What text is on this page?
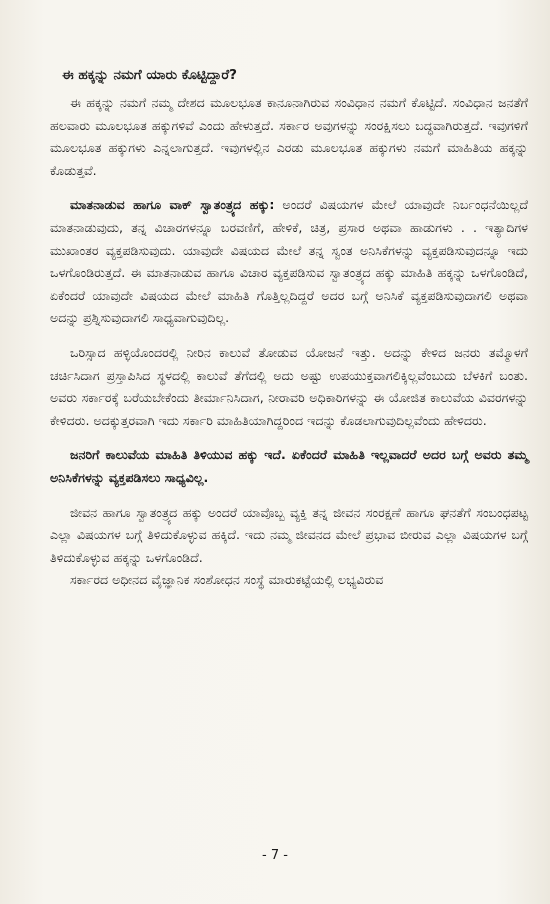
ಈ ಹಕ್ಕನ್ನು ನಮಗೆ ಯಾರು ಕೊಟ್ಟಿದ್ದಾರೆ?

ಈ ಹಕ್ಕನ್ನು ನಮಗೆ ನಮ್ಮ ದೇಶದ ಮೂಲಭೂತ ಕಾನೂನಾಗಿರುವ ಸಂವಿಧಾನ ನಮಗೆ ಕೊಟ್ಟಿದೆ. ಸಂವಿಧಾನ ಜನತೆಗೆ ಹಲವಾರು ಮೂಲಭೂತ ಹಕ್ಕುಗಳಿವೆ ಎಂದು ಹೇಳುತ್ತದೆ. ಸರ್ಕಾರ ಅವುಗಳನ್ನು ಸಂರಕ್ಷಿಸಲು ಬದ್ಧವಾಗಿರುತ್ತದೆ. ಇವುಗಳಿಗೆ ಮೂಲಭೂತ ಹಕ್ಕುಗಳು ಎನ್ನಲಾಗುತ್ತದೆ. ಇವುಗಳಲ್ಲಿನ ಎರಡು ಮೂಲಭೂತ ಹಕ್ಕುಗಳು ನಮಗೆ ಮಾಹಿತಿಯ ಹಕ್ಕನ್ನು ಕೊಡುತ್ತವೆ.

ಮಾತನಾಡುವ ಹಾಗೂ ವಾಕ್ ಸ್ವಾತಂತ್ರ್ಯದ ಹಕ್ಕು: ಅಂದರೆ ವಿಷಯಗಳ ಮೇಲೆ ಯಾವುದೇ ನಿರ್ಬಂಧನೆಯಿಲ್ಲದೆ ಮಾತನಾಡುವುದು, ತನ್ನ ವಿಚಾರಗಳನ್ನೂ ಬರವಣಿಗೆ, ಹೇಳಿಕೆ, ಚಿತ್ರ, ಪ್ರಸಾರ ಅಥವಾ ಹಾಡುಗಳು . . ಇತ್ಯಾದಿಗಳ ಮುಖಾಂತರ ವ್ಯಕ್ತಪಡಿಸುವುದು. ಯಾವುದೇ ವಿಷಯದ ಮೇಲೆ ತನ್ನ ಸ್ವಂತ ಅನಿಸಿಕೆಗಳನ್ನು ವ್ಯಕ್ತಪಡಿಸುವುದನ್ನೂ ಇದು ಒಳಗೊಂಡಿರುತ್ತದೆ. ಈ ಮಾತನಾಡುವ ಹಾಗೂ ವಿಚಾರ ವ್ಯಕ್ತಪಡಿಸುವ ಸ್ವಾತಂತ್ರ್ಯದ ಹಕ್ಕು ಮಾಹಿತಿ ಹಕ್ಕನ್ನು ಒಳಗೊಂಡಿದೆ, ಏಕೆಂದರೆ ಯಾವುದೇ ವಿಷಯದ ಮೇಲೆ ಮಾಹಿತಿ ಗೊತ್ತಿಲ್ಲದಿದ್ದರೆ ಅದರ ಬಗ್ಗೆ ಅನಿಸಿಕೆ ವ್ಯಕ್ತಪಡಿಸುವುದಾಗಲಿ ಅಥವಾ ಅದನ್ನು ಪ್ರಶ್ನಿಸುವುದಾಗಲಿ ಸಾಧ್ಯವಾಗುವುದಿಲ್ಲ.

ಒರಿಸ್ಸಾದ ಹಳ್ಳಿಯೊಂದರಲ್ಲಿ ನೀರಿನ ಕಾಲುವೆ ತೋಡುವ ಯೋಜನೆ ಇತ್ತು. ಅದನ್ನು ಕೇಳಿದ ಜನರು ತಮ್ಮೊಳಗೆ ಚರ್ಚಿಸಿದಾಗ ಪ್ರಸ್ತಾಪಿಸಿದ ಸ್ಥಳದಲ್ಲಿ ಕಾಲುವೆ ತೆಗೆದಲ್ಲಿ ಅದು ಅಷ್ಟು ಉಪಯುಕ್ತವಾಗಲಿಕ್ಕಿಲ್ಲವೆಂಬುದು ಬೆಳಕಿಗೆ ಬಂತು. ಅವರು ಸರ್ಕಾರಕ್ಕೆ ಬರೆಯಬೇಕೆಂದು ತೀರ್ಮಾನಿಸಿದಾಗ, ನೀರಾವರಿ ಅಧಿಕಾರಿಗಳನ್ನು ಈ ಯೋಜಿತ ಕಾಲುವೆಯ ವಿವರಗಳನ್ನು ಕೇಳಿದರು. ಅದಕ್ಕುತ್ತರವಾಗಿ ಇದು ಸರ್ಕಾರಿ ಮಾಹಿತಿಯಾಗಿದ್ದರಿಂದ ಇದನ್ನು ಕೊಡಲಾಗುವುದಿಲ್ಲವೆಂದು ಹೇಳಿದರು.

ಜನರಿಗೆ ಕಾಲುವೆಯ ಮಾಹಿತಿ ತಿಳಿಯುವ ಹಕ್ಕು ಇದೆ. ಏಕೆಂದರೆ ಮಾಹಿತಿ ಇಲ್ಲವಾದರೆ ಅದರ ಬಗ್ಗೆ ಅವರು ತಮ್ಮ ಅನಿಸಿಕೆಗಳನ್ನು ವ್ಯಕ್ತಪಡಿಸಲು ಸಾಧ್ಯವಿಲ್ಲ.

ಜೀವನ ಹಾಗೂ ಸ್ವಾತಂತ್ರ್ಯದ ಹಕ್ಕು ಅಂದರೆ ಯಾವೊಬ್ಬ ವ್ಯಕ್ತಿ ತನ್ನ ಜೀವನ ಸಂರಕ್ಷಣೆ ಹಾಗೂ ಘನತೆಗೆ ಸಂಬಂಧಪಟ್ಟ ಎಲ್ಲಾ ವಿಷಯಗಳ ಬಗ್ಗೆ ತಿಳಿದುಕೊಳ್ಳುವ ಹಕ್ಕಿದೆ. ಇದು ನಮ್ಮ ಜೀವನದ ಮೇಲೆ ಪ್ರಭಾವ ಬೀರುವ ಎಲ್ಲಾ ವಿಷಯಗಳ ಬಗ್ಗೆ ತಿಳಿದುಕೊಳ್ಳುವ ಹಕ್ಕನ್ನು ಒಳಗೊಂಡಿದೆ.

ಸರ್ಕಾರದ ಅಧೀನದ ವೈಜ್ಞಾನಿಕ ಸಂಶೋಧನ ಸಂಸ್ಥೆ ಮಾರುಕಟ್ಟೆಯಲ್ಲಿ ಲಭ್ಯವಿರುವ

- 7 -
